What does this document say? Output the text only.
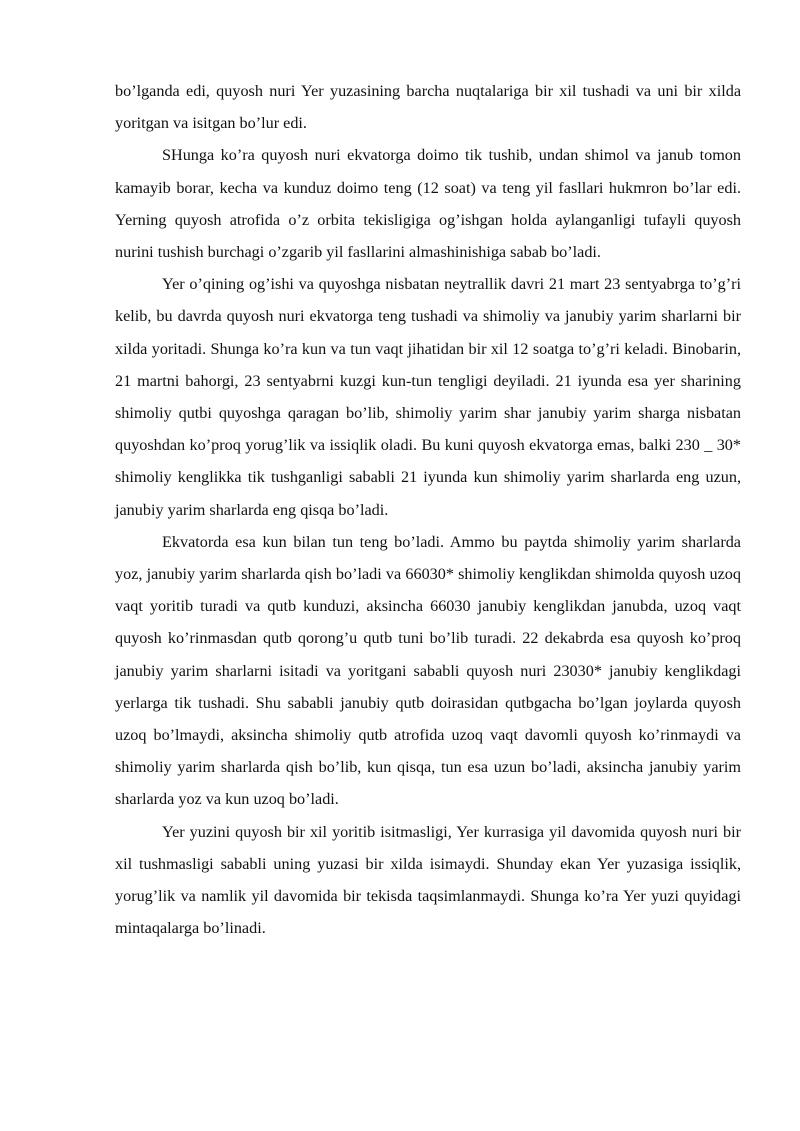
bo’lganda edi, quyosh nuri Yer yuzasining barcha nuqtalariga bir xil tushadi va uni bir xilda yoritgan va isitgan bo’lur edi.

SHunga ko’ra quyosh nuri ekvatorga doimo tik tushib, undan shimol va janub tomon kamayib borar, kecha va kunduz doimo teng (12 soat) va teng yil fasllari hukmron bo’lar edi. Yerning quyosh atrofida o’z orbita tekisligiga og’ishgan holda aylanganligi tufayli quyosh nurini tushish burchagi o’zgarib yil fasllarini almashinishiga sabab bo’ladi.

Yer o’qining og’ishi va quyoshga nisbatan neytrallik davri 21 mart 23 sentyabrga to’g’ri kelib, bu davrda quyosh nuri ekvatorga teng tushadi va shimoliy va janubiy yarim sharlarni bir xilda yoritadi. Shunga ko’ra kun va tun vaqt jihatidan bir xil 12 soatga to’g’ri keladi. Binobarin, 21 martni bahorgi, 23 sentyabrni kuzgi kun-tun tengligi deyiladi. 21 iyunda esa yer sharining shimoliy qutbi quyoshga qaragan bo’lib, shimoliy yarim shar janubiy yarim sharga nisbatan quyoshdan ko’proq yorug’lik va issiqlik oladi. Bu kuni quyosh ekvatorga emas, balki 230 _ 30* shimoliy kenglikka tik tushganligi sababli 21 iyunda kun shimoliy yarim sharlarda eng uzun, janubiy yarim sharlarda eng qisqa bo’ladi.

Ekvatorda esa kun bilan tun teng bo’ladi. Ammo bu paytda shimoliy yarim sharlarda yoz, janubiy yarim sharlarda qish bo’ladi va 66030* shimoliy kenglikdan shimolda quyosh uzoq vaqt yoritib turadi va qutb kunduzi, aksincha 66030 janubiy kenglikdan janubda, uzoq vaqt quyosh ko’rinmasdan qutb qorong’u qutb tuni bo’lib turadi. 22 dekabrda esa quyosh ko’proq janubiy yarim sharlarni isitadi va yoritgani sababli quyosh nuri 23030* janubiy kenglikdagi yerlarga tik tushadi. Shu sababli janubiy qutb doirasidan qutbgacha bo’lgan joylarda quyosh uzoq bo’lmaydi, aksincha shimoliy qutb atrofida uzoq vaqt davomli quyosh ko’rinmaydi va shimoliy yarim sharlarda qish bo’lib, kun qisqa, tun esa uzun bo’ladi, aksincha janubiy yarim sharlarda yoz va kun uzoq bo’ladi.

Yer yuzini quyosh bir xil yoritib isitmasligi, Yer kurrasiga yil davomida quyosh nuri bir xil tushmasligi sababli uning yuzasi bir xilda isimaydi. Shunday ekan Yer yuzasiga issiqlik, yorug’lik va namlik yil davomida bir tekisda taqsimlanmaydi. Shunga ko’ra Yer yuzi quyidagi mintaqalarga bo’linadi.
